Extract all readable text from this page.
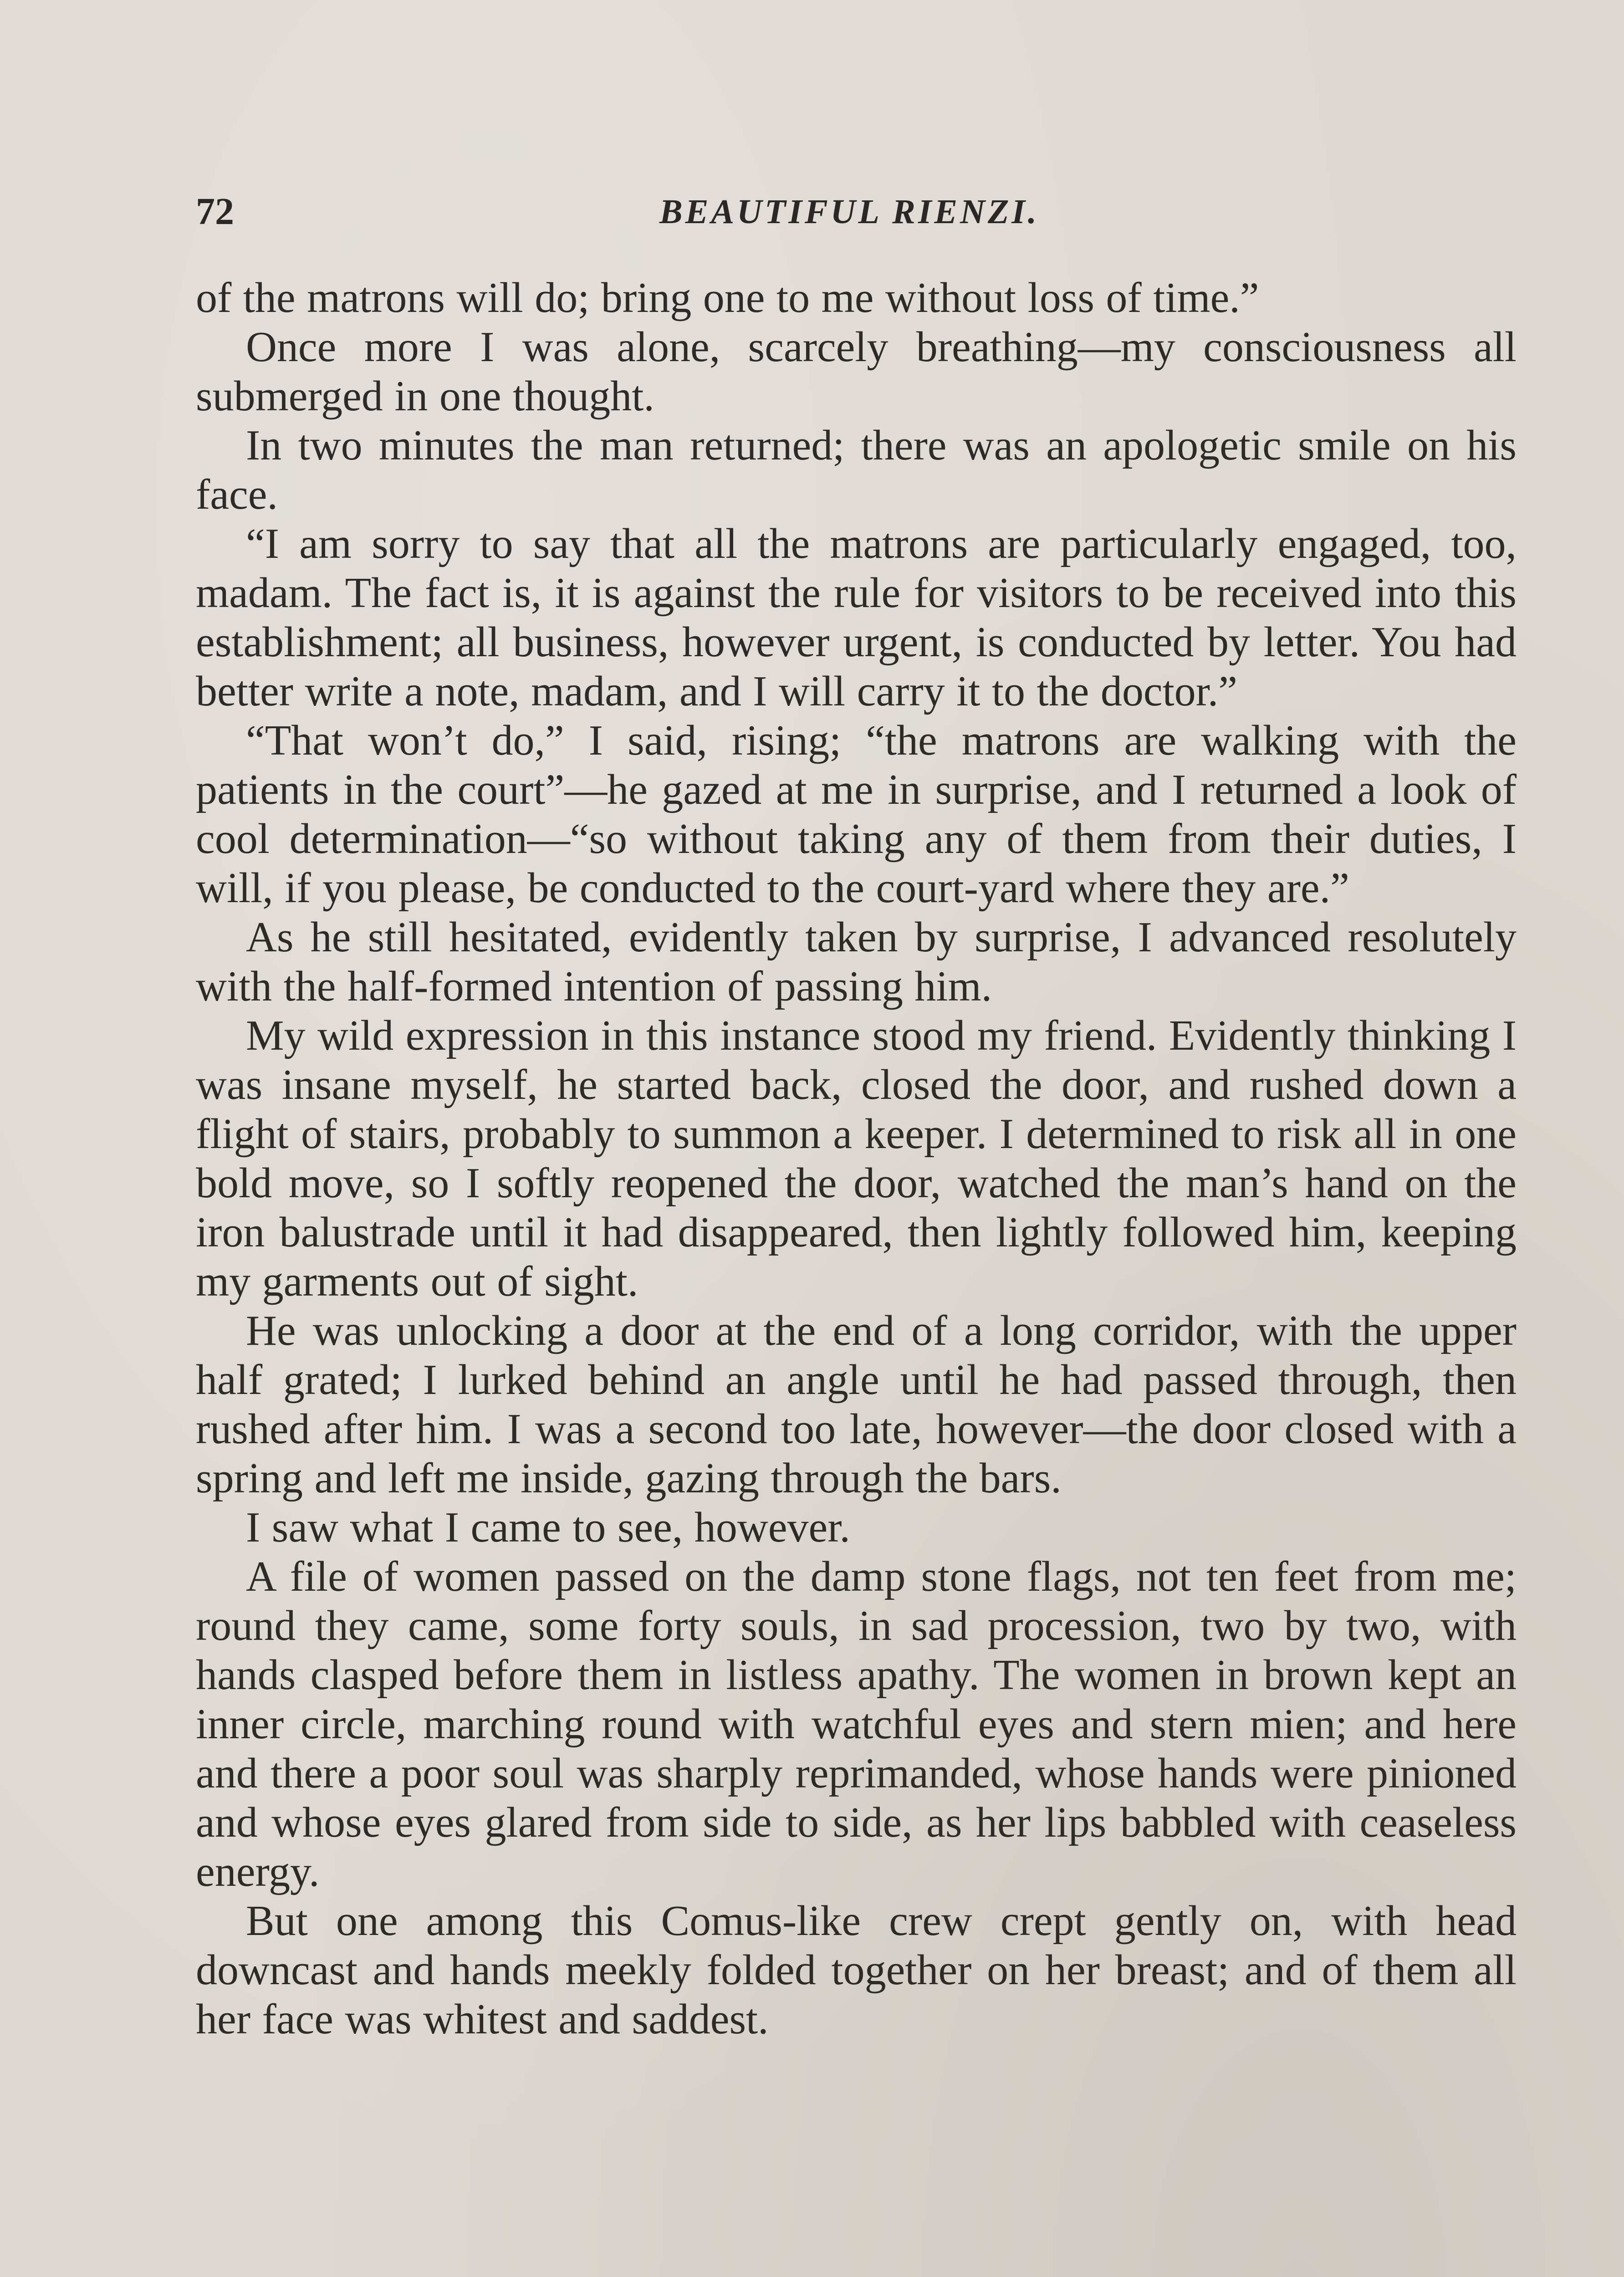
72	BEAUTIFUL RIENZI.

of the matrons will do; bring one to me without loss of time.”

Once more I was alone, scarcely breathing—my consciousness all submerged in one thought.

In two minutes the man returned; there was an apologetic smile on his face.

“I am sorry to say that all the matrons are particularly engaged, too, madam. The fact is, it is against the rule for visitors to be received into this establishment; all business, however urgent, is conducted by letter. You had better write a note, madam, and I will carry it to the doctor.”

“That won’t do,” I said, rising; “the matrons are walking with the patients in the court”—he gazed at me in surprise, and I returned a look of cool determination—“so without taking any of them from their duties, I will, if you please, be conducted to the court-yard where they are.”

As he still hesitated, evidently taken by surprise, I advanced resolutely with the half-formed intention of passing him.

My wild expression in this instance stood my friend. Evidently thinking I was insane myself, he started back, closed the door, and rushed down a flight of stairs, probably to summon a keeper. I determined to risk all in one bold move, so I softly reopened the door, watched the man’s hand on the iron balustrade until it had disappeared, then lightly followed him, keeping my garments out of sight.

He was unlocking a door at the end of a long corridor, with the upper half grated; I lurked behind an angle until he had passed through, then rushed after him. I was a second too late, however—the door closed with a spring and left me inside, gazing through the bars.

I saw what I came to see, however.

A file of women passed on the damp stone flags, not ten feet from me; round they came, some forty souls, in sad procession, two by two, with hands clasped before them in listless apathy. The women in brown kept an inner circle, marching round with watchful eyes and stern mien; and here and there a poor soul was sharply reprimanded, whose hands were pinioned and whose eyes glared from side to side, as her lips babbled with ceaseless energy.

But one among this Comus-like crew crept gently on, with head downcast and hands meekly folded together on her breast; and of them all her face was whitest and saddest.
